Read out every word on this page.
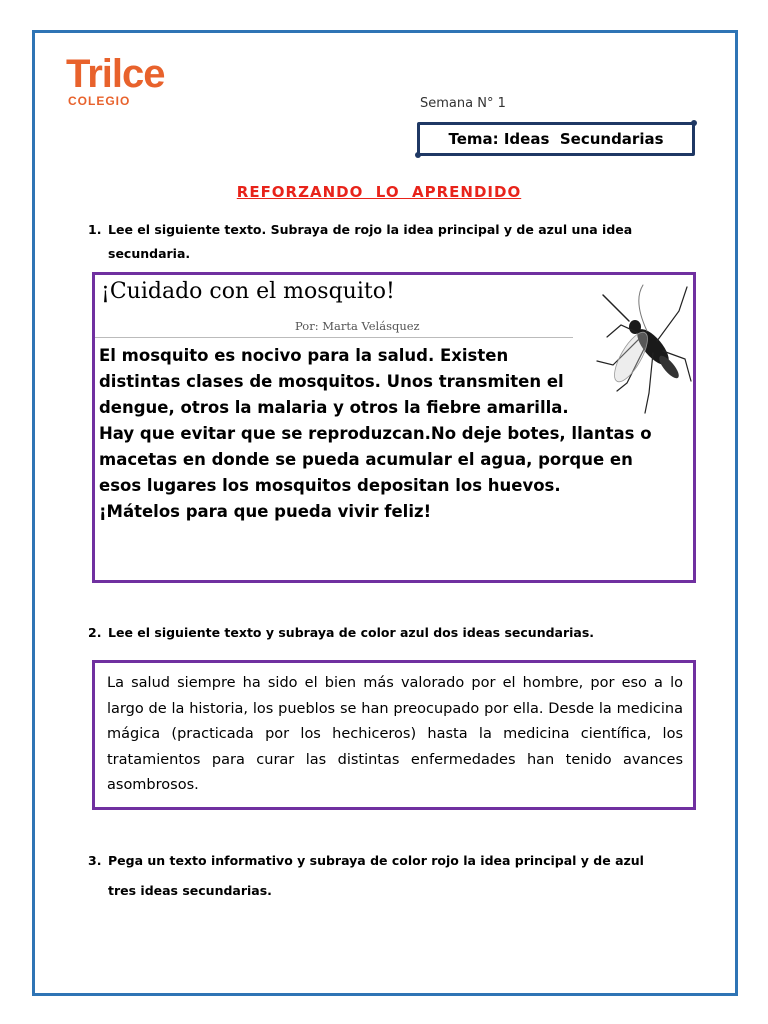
Trilce
COLEGIO	Semana N° 1
Tema: Ideas  Secundarias
REFORZANDO  LO  APRENDIDO
1. Lee el siguiente texto. Subraya de rojo la idea principal y de azul una idea
secundaria.
¡Cuidado con el mosquito!
Por: Marta Velásquez

El mosquito es nocivo para la salud. Existen distintas clases de mosquitos. Unos transmiten el dengue, otros la malaria y otros la fiebre amarilla.

Hay que evitar que se reproduzcan.No deje botes, llantas o macetas en donde se pueda acumular el agua, porque en esos lugares los mosquitos depositan los huevos.

¡Mátelos para que pueda vivir feliz!

2. Lee el siguiente texto y subraya de color azul dos ideas secundarias.
La salud siempre ha sido el bien más valorado por el hombre, por eso a lo largo de la historia, los pueblos se han preocupado por ella. Desde la medicina mágica (practicada por los hechiceros) hasta la medicina científica, los tratamientos para curar las distintas enfermedades han tenido avances asombrosos.
3. Pega un texto informativo y subraya de color rojo la idea principal y de azul
tres ideas secundarias.
